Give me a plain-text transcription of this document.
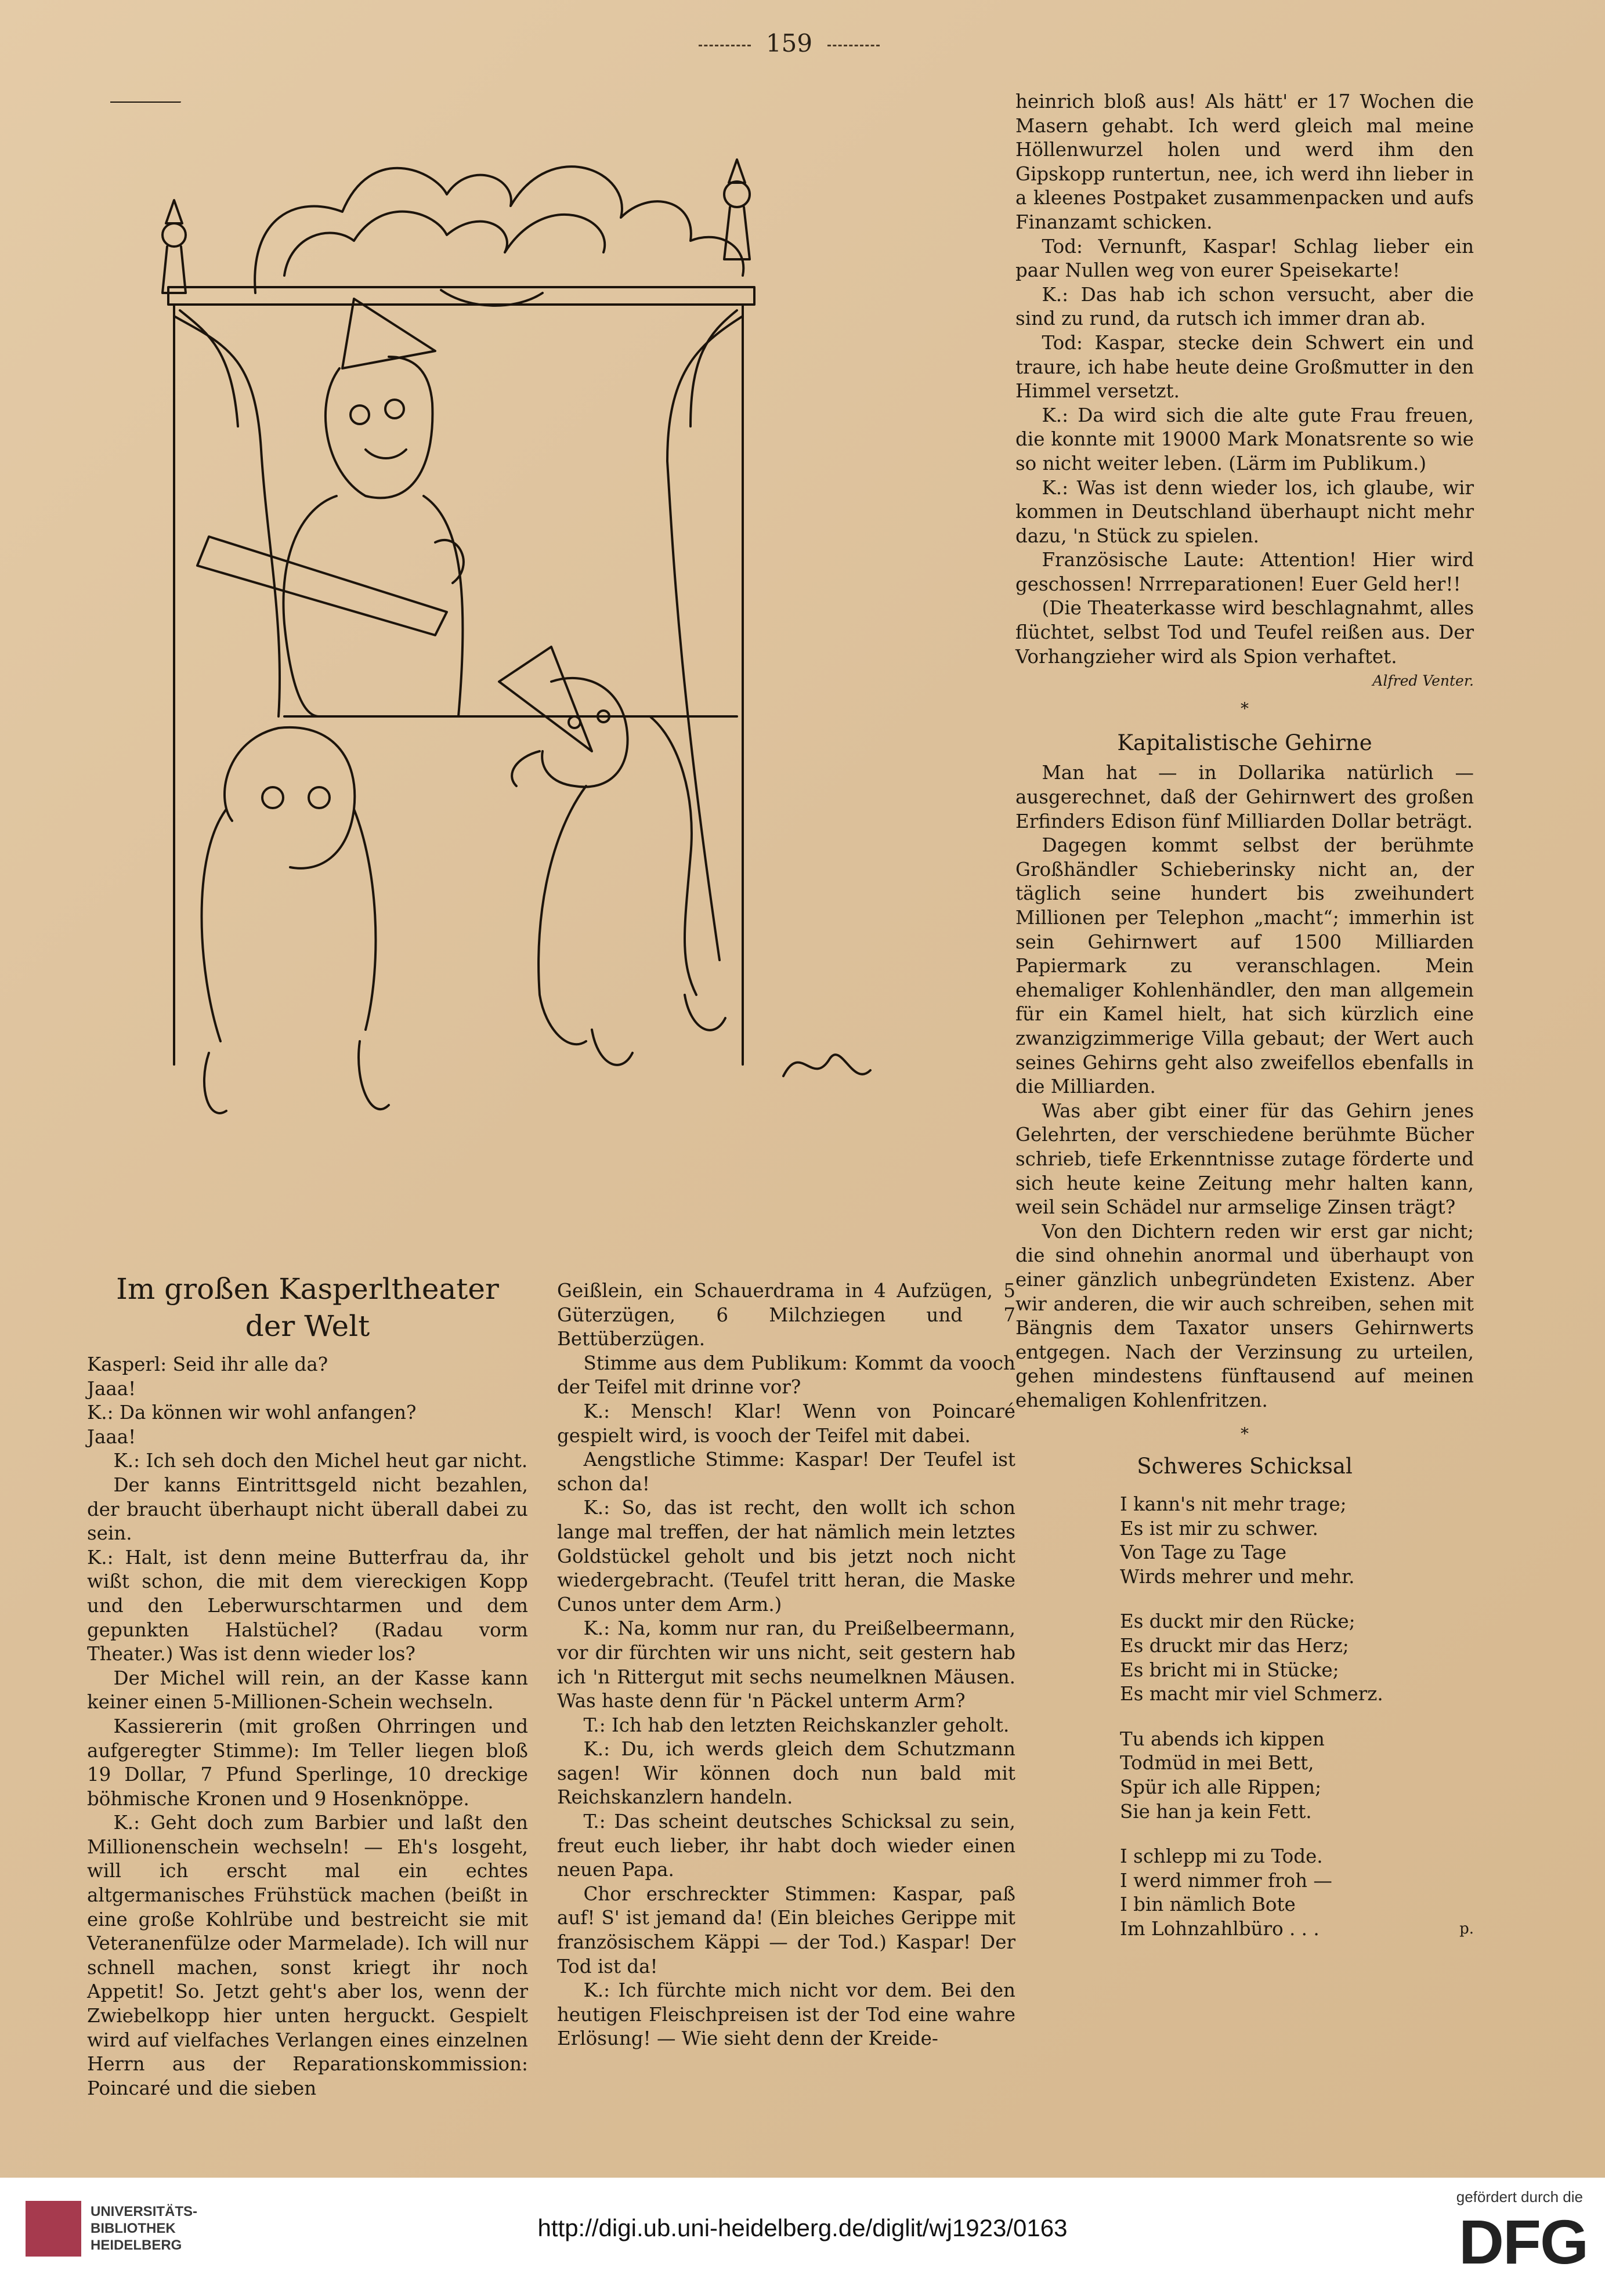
159
Im großen Kasperltheater der Welt

Kasperl: Seid ihr alle da?

Jaaa!

K.: Da können wir wohl anfangen?

Jaaa!

K.: Ich seh doch den Michel heut gar nicht.

Der kanns Eintrittsgeld nicht bezahlen, der braucht überhaupt nicht überall dabei zu sein.

K.: Halt, ist denn meine Butterfrau da, ihr wißt schon, die mit dem viereckigen Kopp und den Leberwurschtarmen und dem gepunkten Halstüchel? (Radau vorm Theater.) Was ist denn wieder los?

Der Michel will rein, an der Kasse kann keiner einen 5-Millionen-Schein wechseln.

Kassiererin (mit großen Ohrringen und aufgeregter Stimme): Im Teller liegen bloß 19 Dollar, 7 Pfund Sperlinge, 10 dreckige böhmische Kronen und 9 Hosenknöppe.

K.: Geht doch zum Barbier und laßt den Millionenschein wechseln! — Eh's losgeht, will ich erscht mal ein echtes altgermanisches Frühstück machen (beißt in eine große Kohlrübe und bestreicht sie mit Veteranenfülze oder Marmelade). Ich will nur schnell machen, sonst kriegt ihr noch Appetit! So. Jetzt geht's aber los, wenn der Zwiebelkopp hier unten herguckt. Gespielt wird auf vielfaches Verlangen eines einzelnen Herrn aus der Reparationskommission: Poincaré und die sieben

Geißlein, ein Schauerdrama in 4 Aufzügen, 5 Güterzügen, 6 Milchziegen und 7 Bettüberzügen.

Stimme aus dem Publikum: Kommt da vooch der Teifel mit drinne vor?

K.: Mensch! Klar! Wenn von Poincaré gespielt wird, is vooch der Teifel mit dabei.

Aengstliche Stimme: Kaspar! Der Teufel ist schon da!

K.: So, das ist recht, den wollt ich schon lange mal treffen, der hat nämlich mein letztes Goldstückel geholt und bis jetzt noch nicht wiedergebracht. (Teufel tritt heran, die Maske Cunos unter dem Arm.)

K.: Na, komm nur ran, du Preißelbeermann, vor dir fürchten wir uns nicht, seit gestern hab ich 'n Rittergut mit sechs neumelknen Mäusen. Was haste denn für 'n Päckel unterm Arm?

T.: Ich hab den letzten Reichskanzler geholt.

K.: Du, ich werds gleich dem Schutzmann sagen! Wir können doch nun bald mit Reichskanzlern handeln.

T.: Das scheint deutsches Schicksal zu sein, freut euch lieber, ihr habt doch wieder einen neuen Papa.

Chor erschreckter Stimmen: Kaspar, paß auf! S' ist jemand da! (Ein bleiches Gerippe mit französischem Käppi — der Tod.) Kaspar! Der Tod ist da!

K.: Ich fürchte mich nicht vor dem. Bei den heutigen Fleischpreisen ist der Tod eine wahre Erlösung! — Wie sieht denn der Kreide-

heinrich bloß aus! Als hätt' er 17 Wochen die Masern gehabt. Ich werd gleich mal meine Höllenwurzel holen und werd ihm den Gipskopp runtertun, nee, ich werd ihn lieber in a kleenes Postpaket zusammenpacken und aufs Finanzamt schicken.

Tod: Vernunft, Kaspar! Schlag lieber ein paar Nullen weg von eurer Speisekarte!

K.: Das hab ich schon versucht, aber die sind zu rund, da rutsch ich immer dran ab.

Tod: Kaspar, stecke dein Schwert ein und traure, ich habe heute deine Großmutter in den Himmel versetzt.

K.: Da wird sich die alte gute Frau freuen, die konnte mit 19000 Mark Monatsrente so wie so nicht weiter leben. (Lärm im Publikum.)

K.: Was ist denn wieder los, ich glaube, wir kommen in Deutschland überhaupt nicht mehr dazu, 'n Stück zu spielen.

Französische Laute: Attention! Hier wird geschossen! Nrrreparationen! Euer Geld her!!

(Die Theaterkasse wird beschlagnahmt, alles flüchtet, selbst Tod und Teufel reißen aus. Der Vorhangzieher wird als Spion verhaftet.

Alfred Venter.
*
Kapitalistische Gehirne

Man hat — in Dollarika natürlich — ausgerechnet, daß der Gehirnwert des großen Erfinders Edison fünf Milliarden Dollar beträgt.

Dagegen kommt selbst der berühmte Großhändler Schieberinsky nicht an, der täglich seine hundert bis zweihundert Millionen per Telephon „macht“; immerhin ist sein Gehirnwert auf 1500 Milliarden Papiermark zu veranschlagen. Mein ehemaliger Kohlenhändler, den man allgemein für ein Kamel hielt, hat sich kürzlich eine zwanzigzimmerige Villa gebaut; der Wert auch seines Gehirns geht also zweifellos ebenfalls in die Milliarden.

Was aber gibt einer für das Gehirn jenes Gelehrten, der verschiedene berühmte Bücher schrieb, tiefe Erkenntnisse zutage förderte und sich heute keine Zeitung mehr halten kann, weil sein Schädel nur armselige Zinsen trägt?

Von den Dichtern reden wir erst gar nicht; die sind ohnehin anormal und überhaupt von einer gänzlich unbegründeten Existenz. Aber wir anderen, die wir auch schreiben, sehen mit Bängnis dem Taxator unsers Gehirnwerts entgegen. Nach der Verzinsung zu urteilen, gehen mindestens fünftausend auf meinen ehemaligen Kohlenfritzen.

*
Schweres Schicksal

I kann's nit mehr trage;

Es ist mir zu schwer.

Von Tage zu Tage

Wirds mehrer und mehr.

Es duckt mir den Rücke;

Es druckt mir das Herz;

Es bricht mi in Stücke;

Es macht mir viel Schmerz.

Tu abends ich kippen

Todmüd in mei Bett,

Spür ich alle Rippen;

Sie han ja kein Fett.

I schlepp mi zu Tode.

I werd nimmer froh —

I bin nämlich Bote

Im Lohnzahlbüro . . .	p.

UNIVERSITÄTS-
BIBLIOTHEK
HEIDELBERG
http://digi.ub.uni-heidelberg.de/diglit/wj1923/0163
gefördert durch die
DFG
